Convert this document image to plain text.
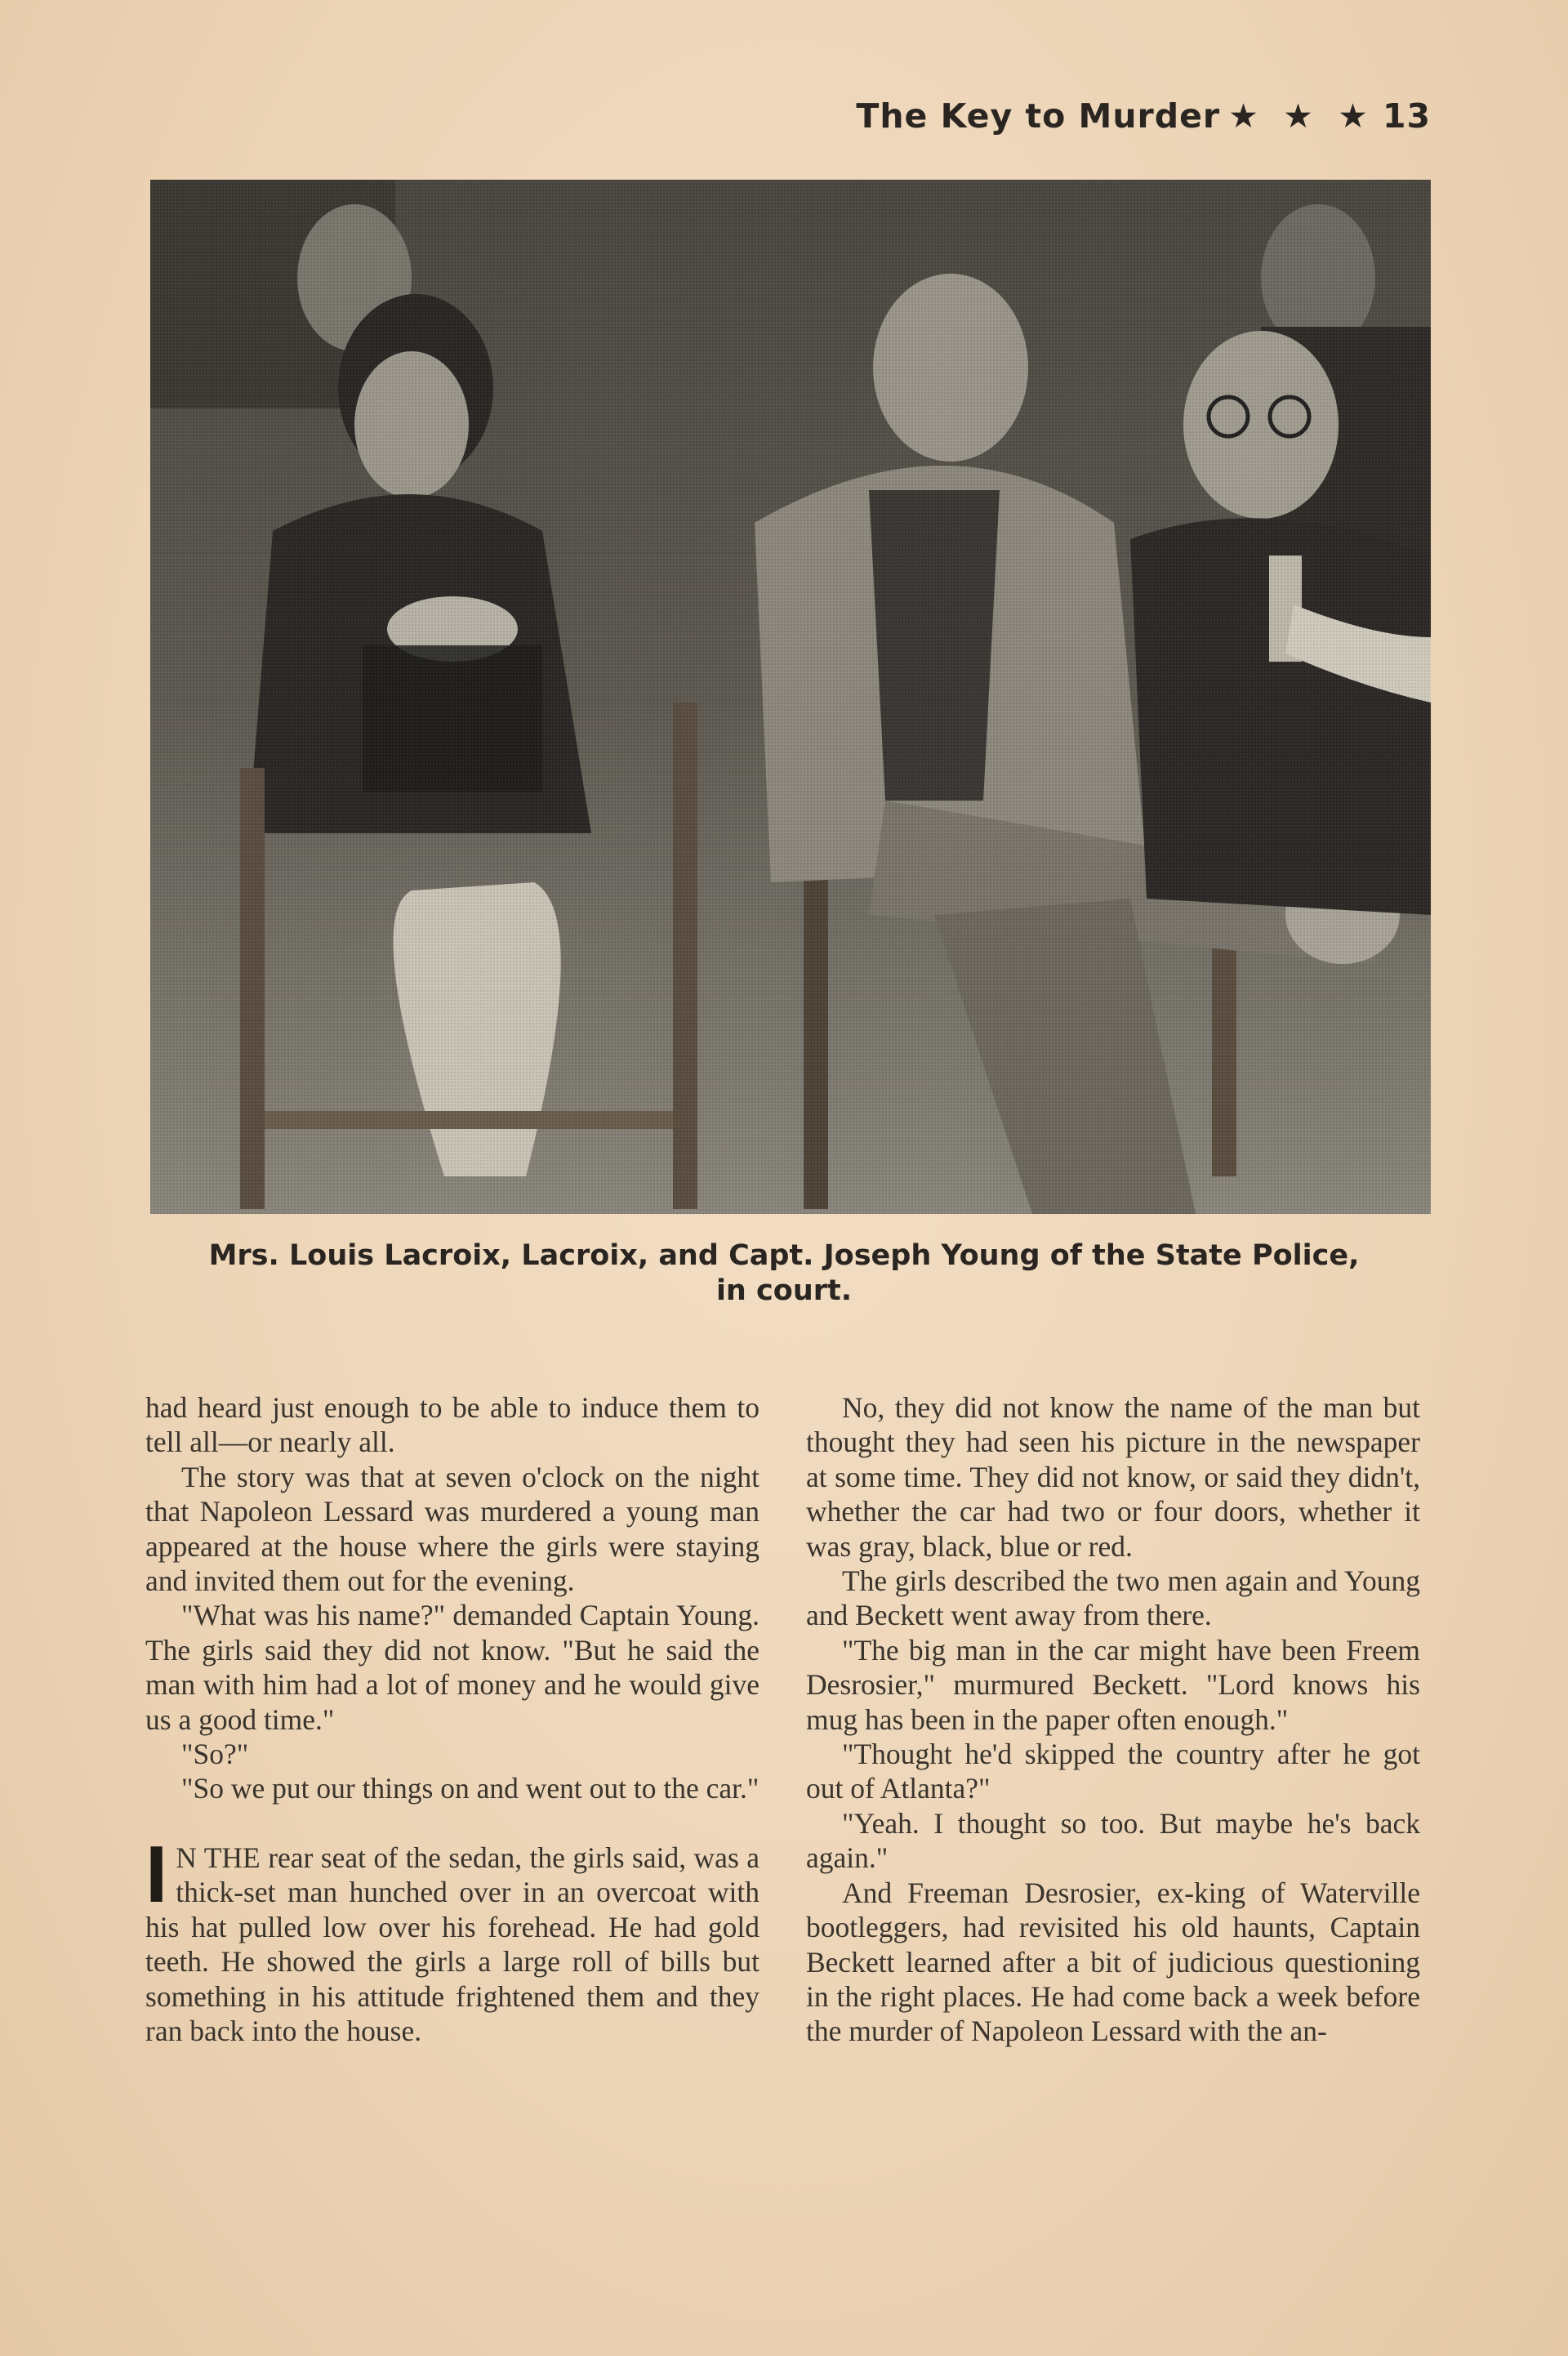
The Key to Murder ★ ★ ★ 13
Mrs. Louis Lacroix, Lacroix, and Capt. Joseph Young of the State Police,
in court.

had heard just enough to be able to induce them to tell all—or nearly all.

The story was that at seven o'clock on the night that Napoleon Lessard was murdered a young man appeared at the house where the girls were staying and invited them out for the evening.

"What was his name?" demanded Captain Young. The girls said they did not know. "But he said the man with him had a lot of money and he would give us a good time."

"So?"

"So we put our things on and went out to the car."

I N THE rear seat of the sedan, the girls said, was a thick-set man hunched over in an overcoat with his hat pulled low over his forehead. He had gold teeth. He showed the girls a large roll of bills but something in his attitude frightened them and they ran back into the house.

No, they did not know the name of the man but thought they had seen his picture in the newspaper at some time. They did not know, or said they didn't, whether the car had two or four doors, whether it was gray, black, blue or red.

The girls described the two men again and Young and Beckett went away from there.

"The big man in the car might have been Freem Desrosier," murmured Beckett. "Lord knows his mug has been in the paper often enough."

"Thought he'd skipped the country after he got out of Atlanta?"

"Yeah. I thought so too. But maybe he's back again."

And Freeman Desrosier, ex-king of Waterville bootleggers, had revisited his old haunts, Captain Beckett learned after a bit of judicious questioning in the right places. He had come back a week before the murder of Napoleon Lessard with the an-
